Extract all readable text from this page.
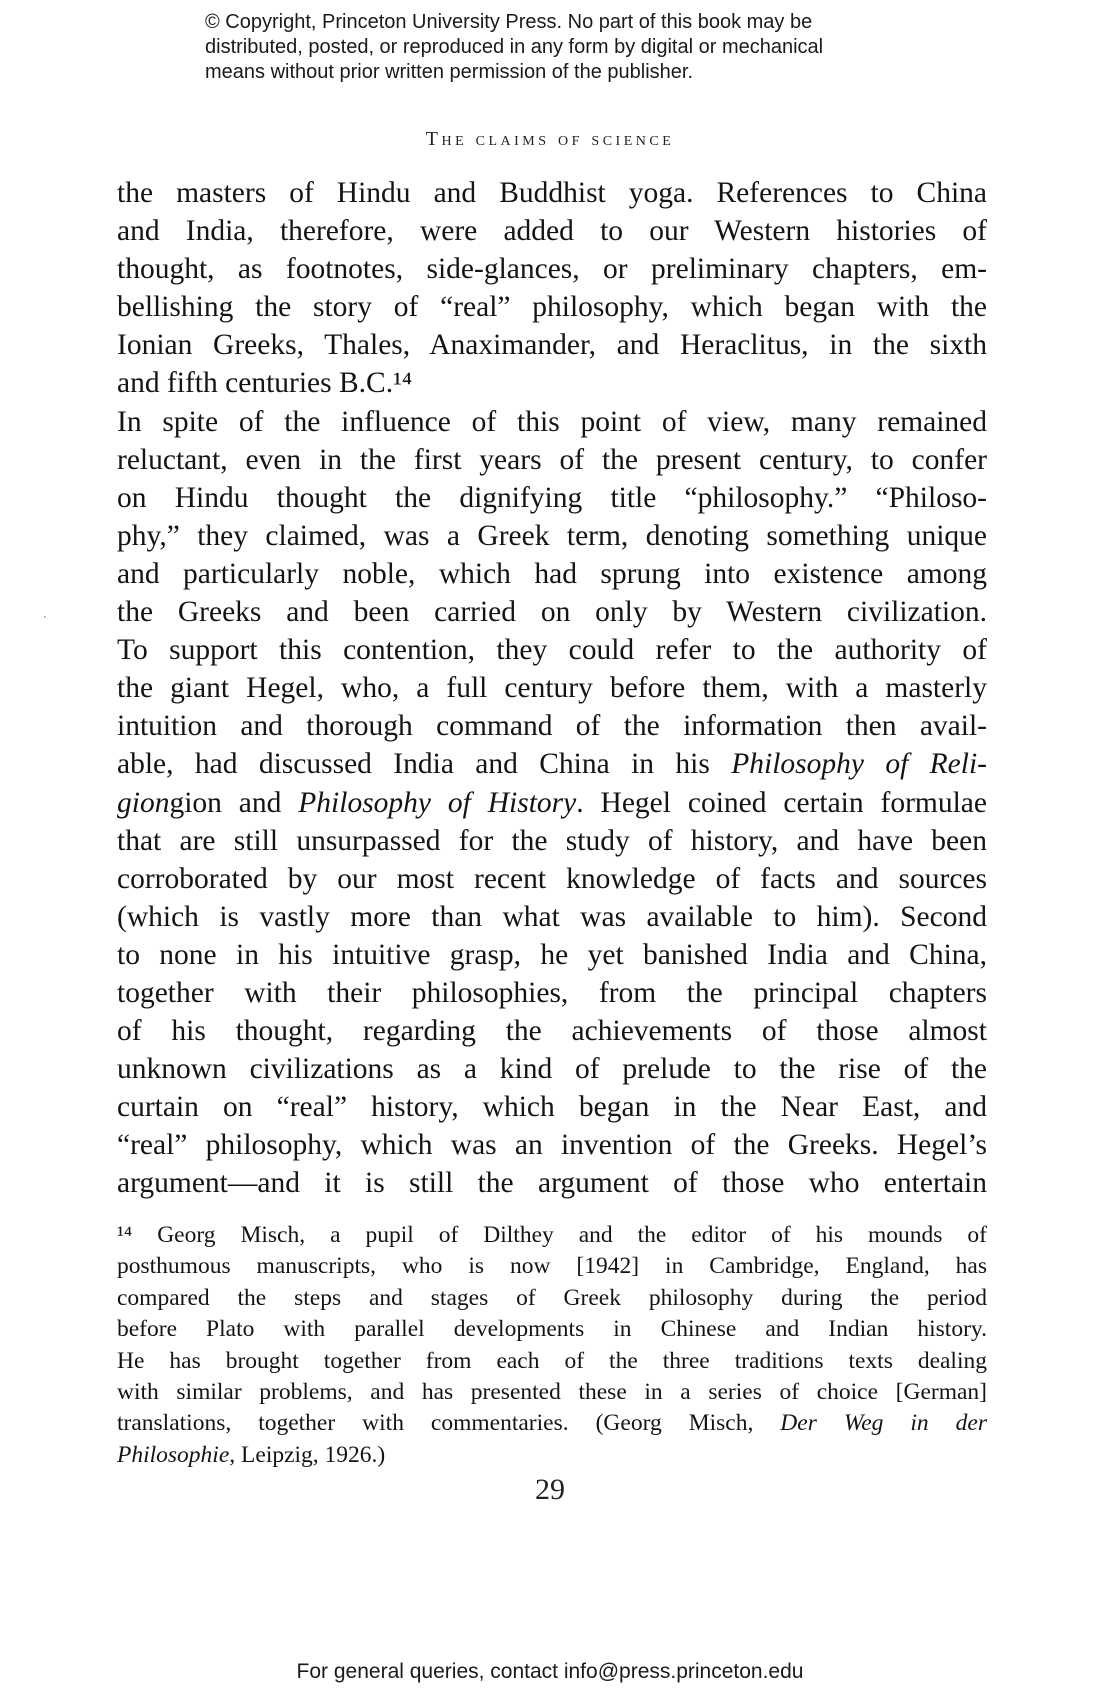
© Copyright, Princeton University Press. No part of this book may be
distributed, posted, or reproduced in any form by digital or mechanical
means without prior written permission of the publisher.
The claims of science
the masters of Hindu and Buddhist yoga. References to China
and India, therefore, were added to our Western histories of
thought, as footnotes, side-glances, or preliminary chapters, em-
bellishing the story of “real” philosophy, which began with the
Ionian Greeks, Thales, Anaximander, and Heraclitus, in the sixth
and fifth centuries B.C.¹⁴
In spite of the influence of this point of view, many remained
reluctant, even in the first years of the present century, to confer
on Hindu thought the dignifying title “philosophy.” “Philoso-
phy,” they claimed, was a Greek term, denoting something unique
and particularly noble, which had sprung into existence among
the Greeks and been carried on only by Western civilization.
To support this contention, they could refer to the authority of
the giant Hegel, who, a full century before them, with a masterly
intuition and thorough command of the information then avail-
able, had discussed India and China in his Philosophy of Reli-
giongion and Philosophy of History. Hegel coined certain formulae
that are still unsurpassed for the study of history, and have been
corroborated by our most recent knowledge of facts and sources
(which is vastly more than what was available to him). Second
to none in his intuitive grasp, he yet banished India and China,
together with their philosophies, from the principal chapters
of his thought, regarding the achievements of those almost
unknown civilizations as a kind of prelude to the rise of the
curtain on “real” history, which began in the Near East, and
“real” philosophy, which was an invention of the Greeks. Hegel’s
argument—and it is still the argument of those who entertain
¹⁴ Georg Misch, a pupil of Dilthey and the editor of his mounds of
posthumous manuscripts, who is now [1942] in Cambridge, England, has
compared the steps and stages of Greek philosophy during the period
before Plato with parallel developments in Chinese and Indian history.
He has brought together from each of the three traditions texts dealing
with similar problems, and has presented these in a series of choice [German]
translations, together with commentaries. (Georg Misch, Der Weg in der
Philosophie, Leipzig, 1926.)
29
For general queries, contact info@press.princeton.edu
